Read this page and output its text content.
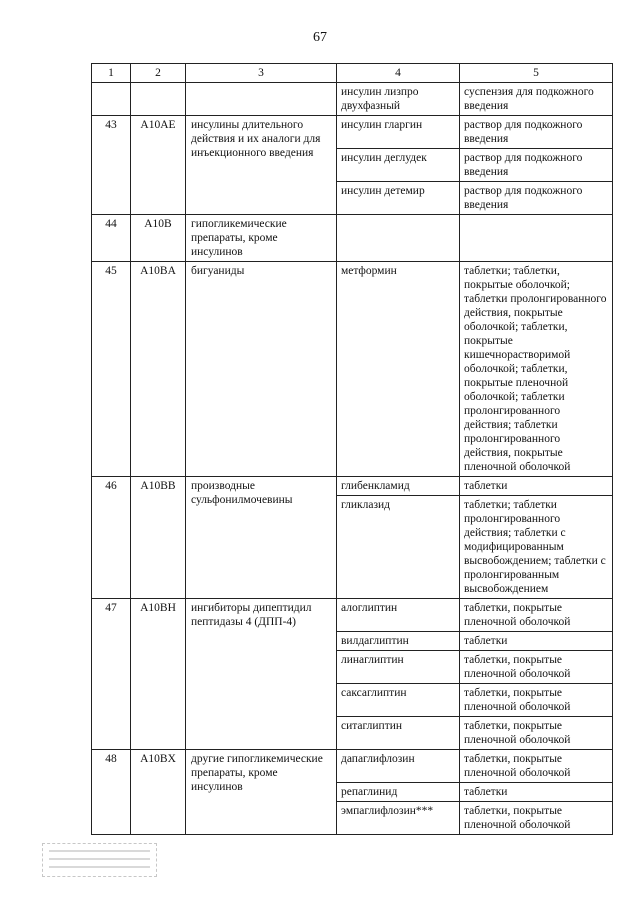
67
1	2	3	4	5
			инсулин лизпро двухфазный	суспензия для подкожного введения
43	A10AE	инсулины длительного действия и их аналоги для инъекционного введения	инсулин гларгин	раствор для подкожного введения
			инсулин деглудек	раствор для подкожного введения
			инсулин детемир	раствор для подкожного введения
44	A10B	гипогликемические препараты, кроме инсулинов		
45	A10BA	бигуаниды	метформин	таблетки; таблетки, покрытые оболочкой; таблетки пролонгированного действия, покрытые оболочкой; таблетки, покрытые кишечнорастворимой оболочкой; таблетки, покрытые пленочной оболочкой; таблетки пролонгированного действия; таблетки пролонгированного действия, покрытые пленочной оболочкой
46	A10BB	производные сульфонилмочевины	глибенкламид	таблетки
			гликлазид	таблетки; таблетки пролонгированного действия; таблетки с модифицированным высвобождением; таблетки с пролонгированным высвобождением
47	A10BH	ингибиторы дипептидил пептидазы 4 (ДПП-4)	алоглиптин	таблетки, покрытые пленочной оболочкой
			вилдаглиптин	таблетки
			линаглиптин	таблетки, покрытые пленочной оболочкой
			саксаглиптин	таблетки, покрытые пленочной оболочкой
			ситаглиптин	таблетки, покрытые пленочной оболочкой
48	A10BX	другие гипогликемические препараты, кроме инсулинов	дапаглифлозин	таблетки, покрытые пленочной оболочкой
			репаглинид	таблетки
			эмпаглифлозин***	таблетки, покрытые пленочной оболочкой
